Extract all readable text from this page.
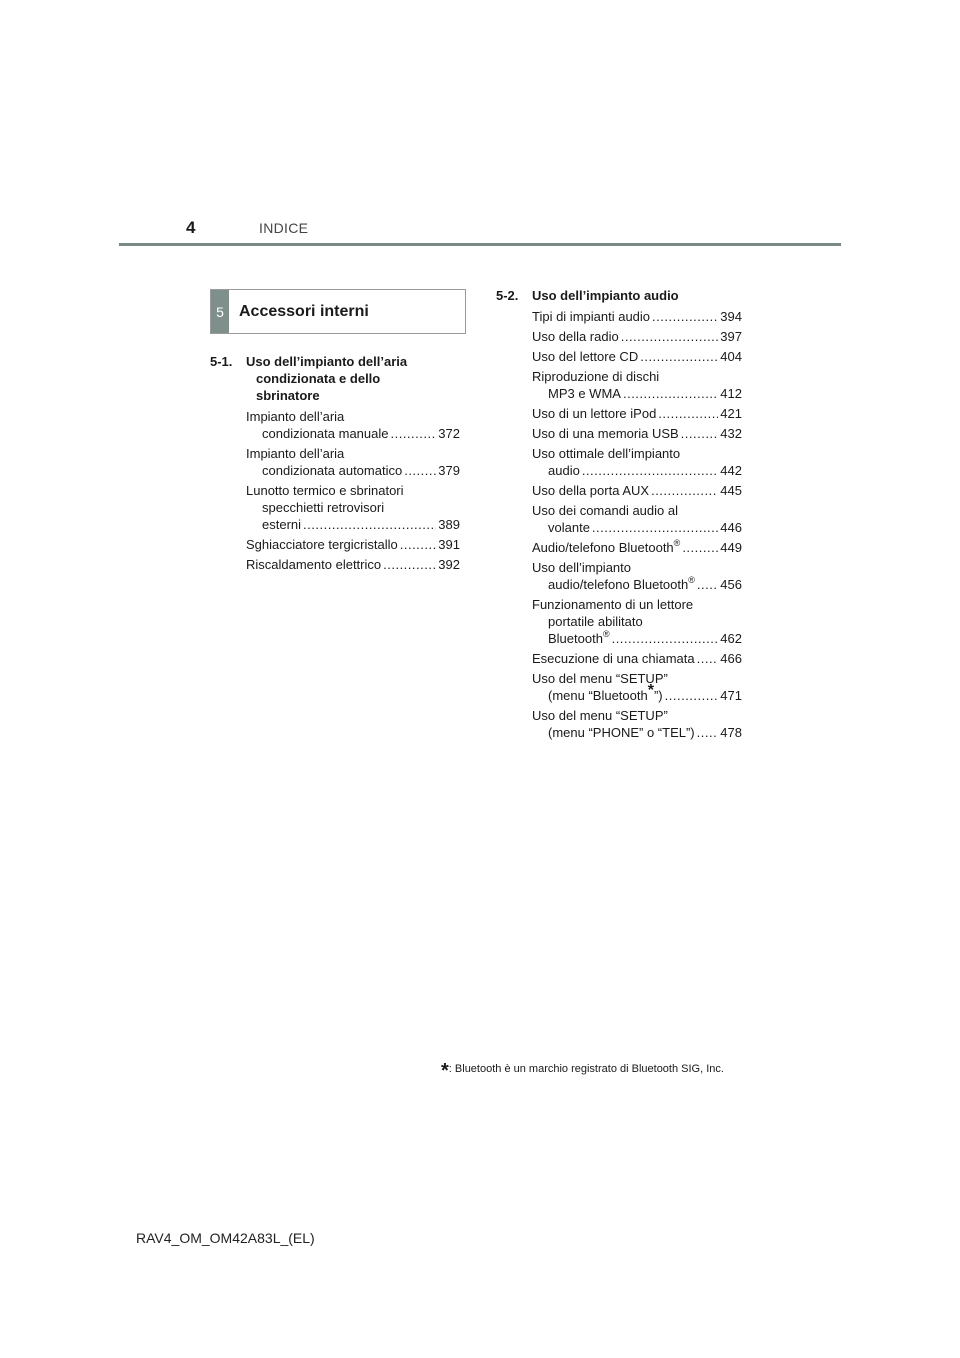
4	INDICE
5 Accessori interni
5-1.	Uso dell’impianto dell’aria
condizionata e dello
sbrinatore
Impianto dell’aria
condizionata manuale .....	372
Impianto dell’aria
condizionata automatico .....	379
Lunotto termico e sbrinatori
specchietti retrovisori
esterni .....	389
Sghiacciatore tergicristallo .....	391
Riscaldamento elettrico .....	392
5-2.	Uso dell’impianto audio
Tipi di impianti audio .....	394
Uso della radio .....	397
Uso del lettore CD .....	404
Riproduzione di dischi
MP3 e WMA .....	412
Uso di un lettore iPod .....	421
Uso di una memoria USB .....	432
Uso ottimale dell’impianto
audio .....	442
Uso della porta AUX .....	445
Uso dei comandi audio al
volante .....	446
Audio/telefono Bluetooth® .....	449
Uso dell’impianto
audio/telefono Bluetooth® ..... 456
Funzionamento di un lettore
portatile abilitato
Bluetooth® .....	462
Esecuzione di una chiamata ..... 466
Uso del menu “SETUP”
(menu “Bluetooth*”) .....	471
Uso del menu “SETUP”
(menu “PHONE” o “TEL”) ..... 478
*: Bluetooth è un marchio registrato di Bluetooth SIG, Inc.
RAV4_OM_OM42A83L_(EL)
